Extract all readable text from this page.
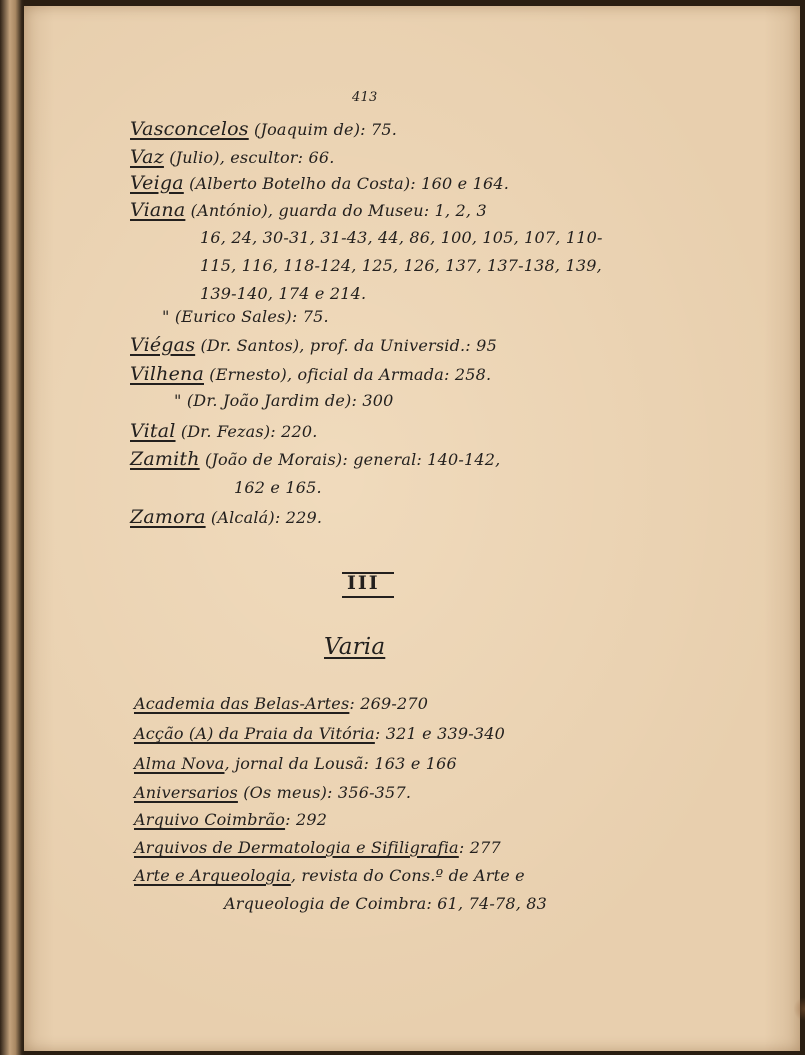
413
Vasconcelos (Joaquim de): 75.
Vaz (Julio), escultor: 66.
Veiga (Alberto Botelho da Costa): 160 e 164.
Viana (António), guarda do Museu: 1, 2, 3
16, 24, 30-31, 31-43, 44, 86, 100, 105, 107, 110-
115, 116, 118-124, 125, 126, 137, 137-138, 139,
139-140, 174 e 214.
" (Eurico Sales): 75.
Viégas (Dr. Santos), prof. da Universid.: 95
Vilhena (Ernesto), oficial da Armada: 258.
" (Dr. João Jardim de): 300
Vital (Dr. Fezas): 220.
Zamith (João de Morais): general: 140-142,
162 e 165.
Zamora (Alcalá): 229.
III
Varia
Academia das Belas-Artes: 269-270
Acção (A) da Praia da Vitória: 321 e 339-340
Alma Nova, jornal da Lousã: 163 e 166
Aniversarios (Os meus): 356-357.
Arquivo Coimbrão: 292
Arquivos de Dermatologia e Sifiligrafia: 277
Arte e Arqueologia, revista do Cons.º de Arte e
Arqueologia de Coimbra: 61, 74-78, 83
